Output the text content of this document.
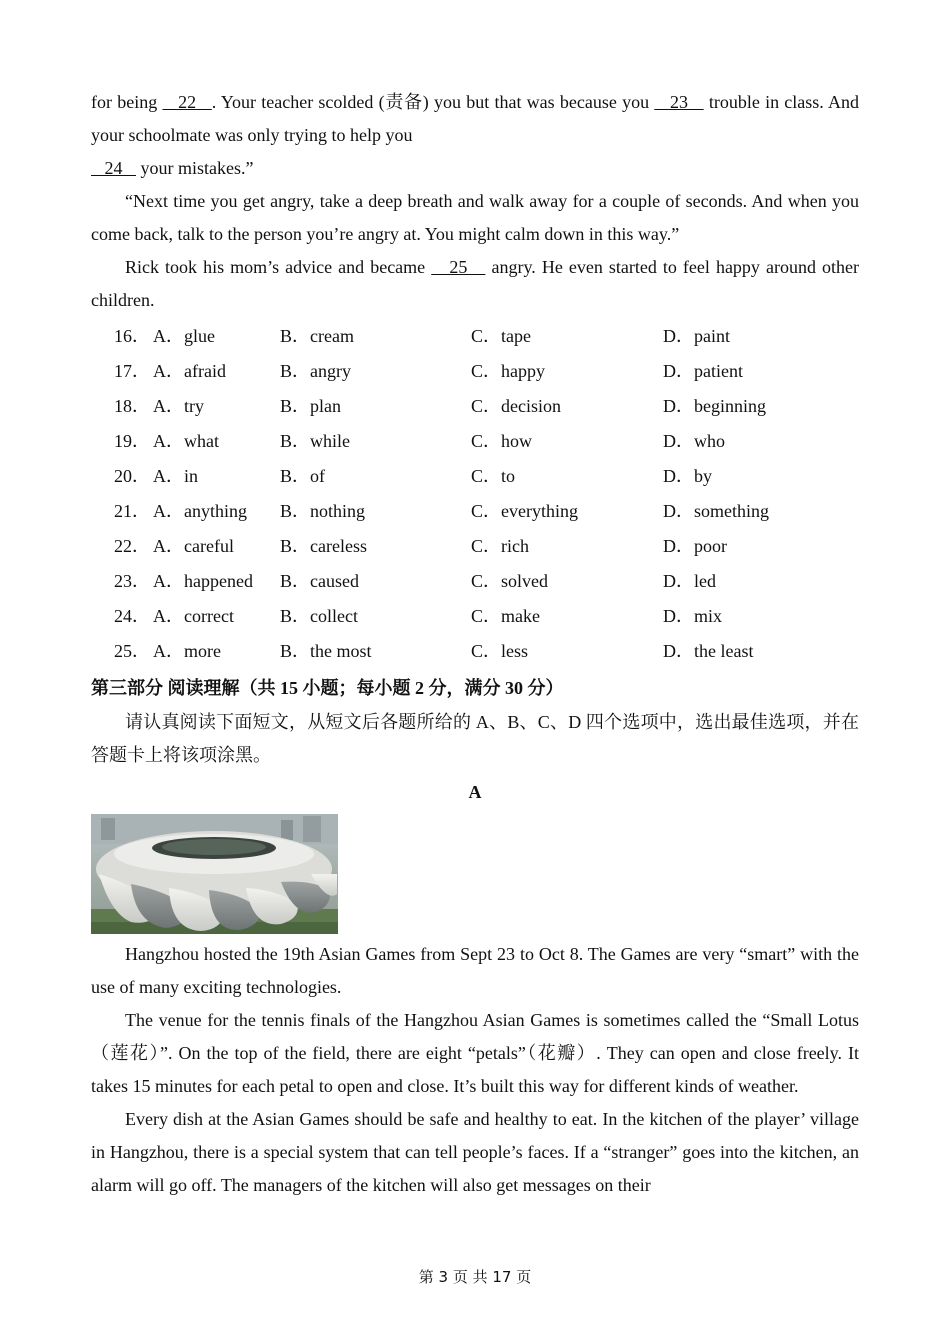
for being    22   . Your teacher scolded (责备) you but that was because you    23    trouble in class. And your schoolmate was only trying to help you
24    your mistakes.”

“Next time you get angry, take a deep breath and walk away for a couple of seconds. And when you come back, talk to the person you’re angry at. You might calm down in this way.”

Rick took his mom’s advice and became    25    angry. He even started to feel happy around other children.

16． A．glue	B．cream	C．tape	D．paint
17． A．afraid	B．angry	C．happy	D．patient
18． A．try	B．plan	C．decision	D．beginning
19． A．what	B．while	C．how	D．who
20． A．in	B．of	C．to	D．by
21． A．anything	B．nothing	C．everything	D．something
22． A．careful	B．careless	C．rich	D．poor
23． A．happened	B．caused	C．solved	D．led
24． A．correct	B．collect	C．make	D．mix
25． A．more	B．the most	C．less	D．the least

第三部分 阅读理解（共 15 小题；每小题 2 分，满分 30 分）

请认真阅读下面短文，从短文后各题所给的 A、B、C、D 四个选项中，选出最佳选项，并在答题卡上将该项涂黑。

A

Hangzhou hosted the 19th Asian Games from Sept 23 to Oct 8. The Games are very “smart” with the use of many exciting technologies.

The venue for the tennis finals of the Hangzhou Asian Games is sometimes called the “Small Lotus（莲花）”. On the top of the field, there are eight “petals”（花瓣）. They can open and close freely. It takes 15 minutes for each petal to open and close. It’s built this way for different kinds of weather.

Every dish at the Asian Games should be safe and healthy to eat. In the kitchen of the player’ village in Hangzhou, there is a special system that can tell people’s faces. If a “stranger” goes into the kitchen, an alarm will go off. The managers of the kitchen will also get messages on their

第 3 页 共 17 页
